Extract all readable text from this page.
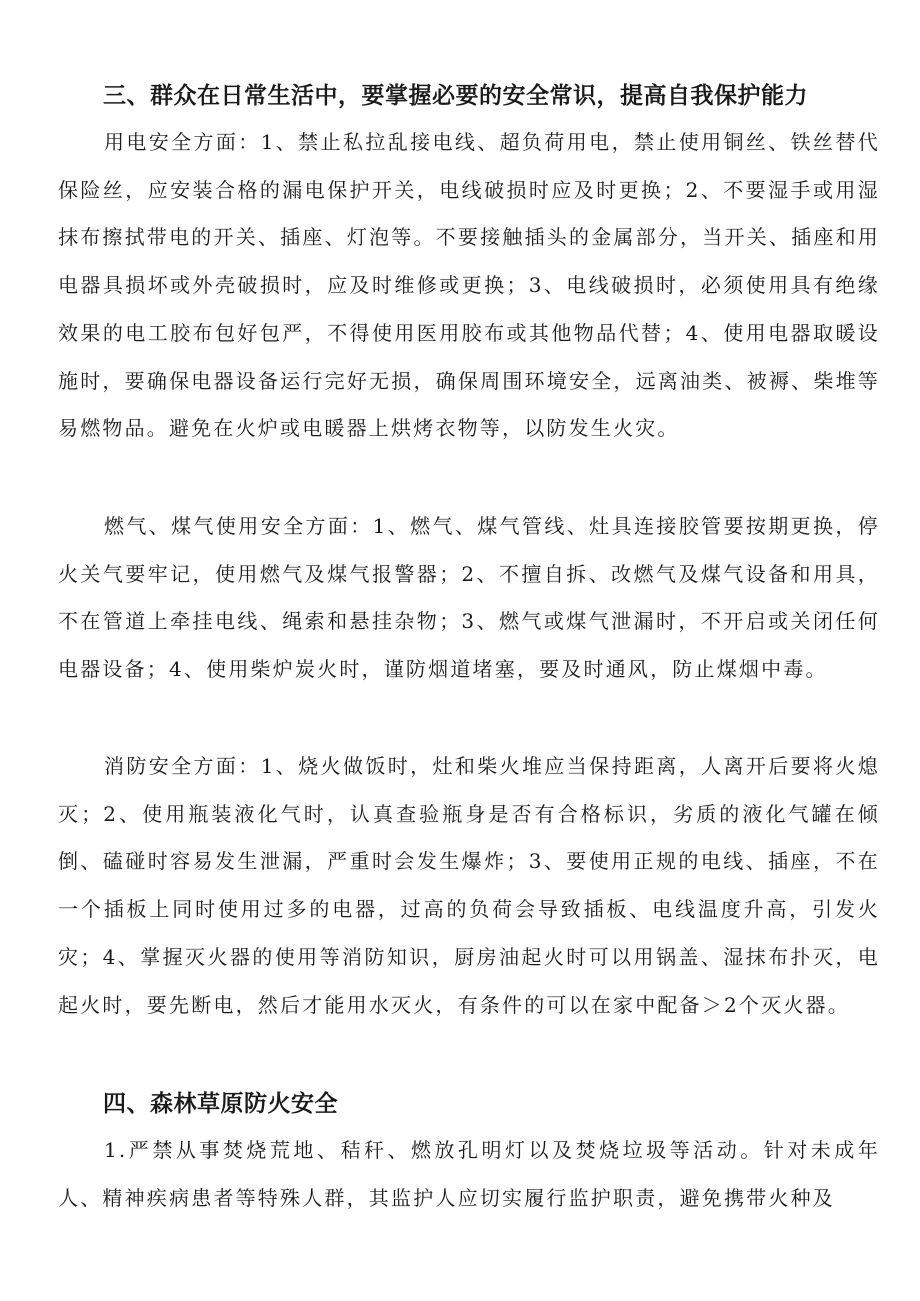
三、群众在日常生活中，要掌握必要的安全常识，提高自我保护能力

用电安全方面：1、禁止私拉乱接电线、超负荷用电，禁止使用铜丝、铁丝替代保险丝，应安装合格的漏电保护开关，电线破损时应及时更换；2、不要湿手或用湿抹布擦拭带电的开关、插座、灯泡等。不要接触插头的金属部分，当开关、插座和用电器具损坏或外壳破损时，应及时维修或更换；3、电线破损时，必须使用具有绝缘效果的电工胶布包好包严，不得使用医用胶布或其他物品代替；4、使用电器取暖设施时，要确保电器设备运行完好无损，确保周围环境安全，远离油类、被褥、柴堆等易燃物品。避免在火炉或电暖器上烘烤衣物等，以防发生火灾。

燃气、煤气使用安全方面：1、燃气、煤气管线、灶具连接胶管要按期更换，停火关气要牢记，使用燃气及煤气报警器；2、不擅自拆、改燃气及煤气设备和用具，不在管道上牵挂电线、绳索和悬挂杂物；3、燃气或煤气泄漏时，不开启或关闭任何电器设备；4、使用柴炉炭火时，谨防烟道堵塞，要及时通风，防止煤烟中毒。

消防安全方面：1、烧火做饭时，灶和柴火堆应当保持距离，人离开后要将火熄灭；2、使用瓶装液化气时，认真查验瓶身是否有合格标识，劣质的液化气罐在倾倒、磕碰时容易发生泄漏，严重时会发生爆炸；3、要使用正规的电线、插座，不在一个插板上同时使用过多的电器，过高的负荷会导致插板、电线温度升高，引发火灾；4、掌握灭火器的使用等消防知识，厨房油起火时可以用锅盖、湿抹布扑灭，电起火时，要先断电，然后才能用水灭火，有条件的可以在家中配备＞2个灭火器。

四、森林草原防火安全

1.严禁从事焚烧荒地、秸秆、燃放孔明灯以及焚烧垃圾等活动。针对未成年人、精神疾病患者等特殊人群，其监护人应切实履行监护职责，避免携带火种及
